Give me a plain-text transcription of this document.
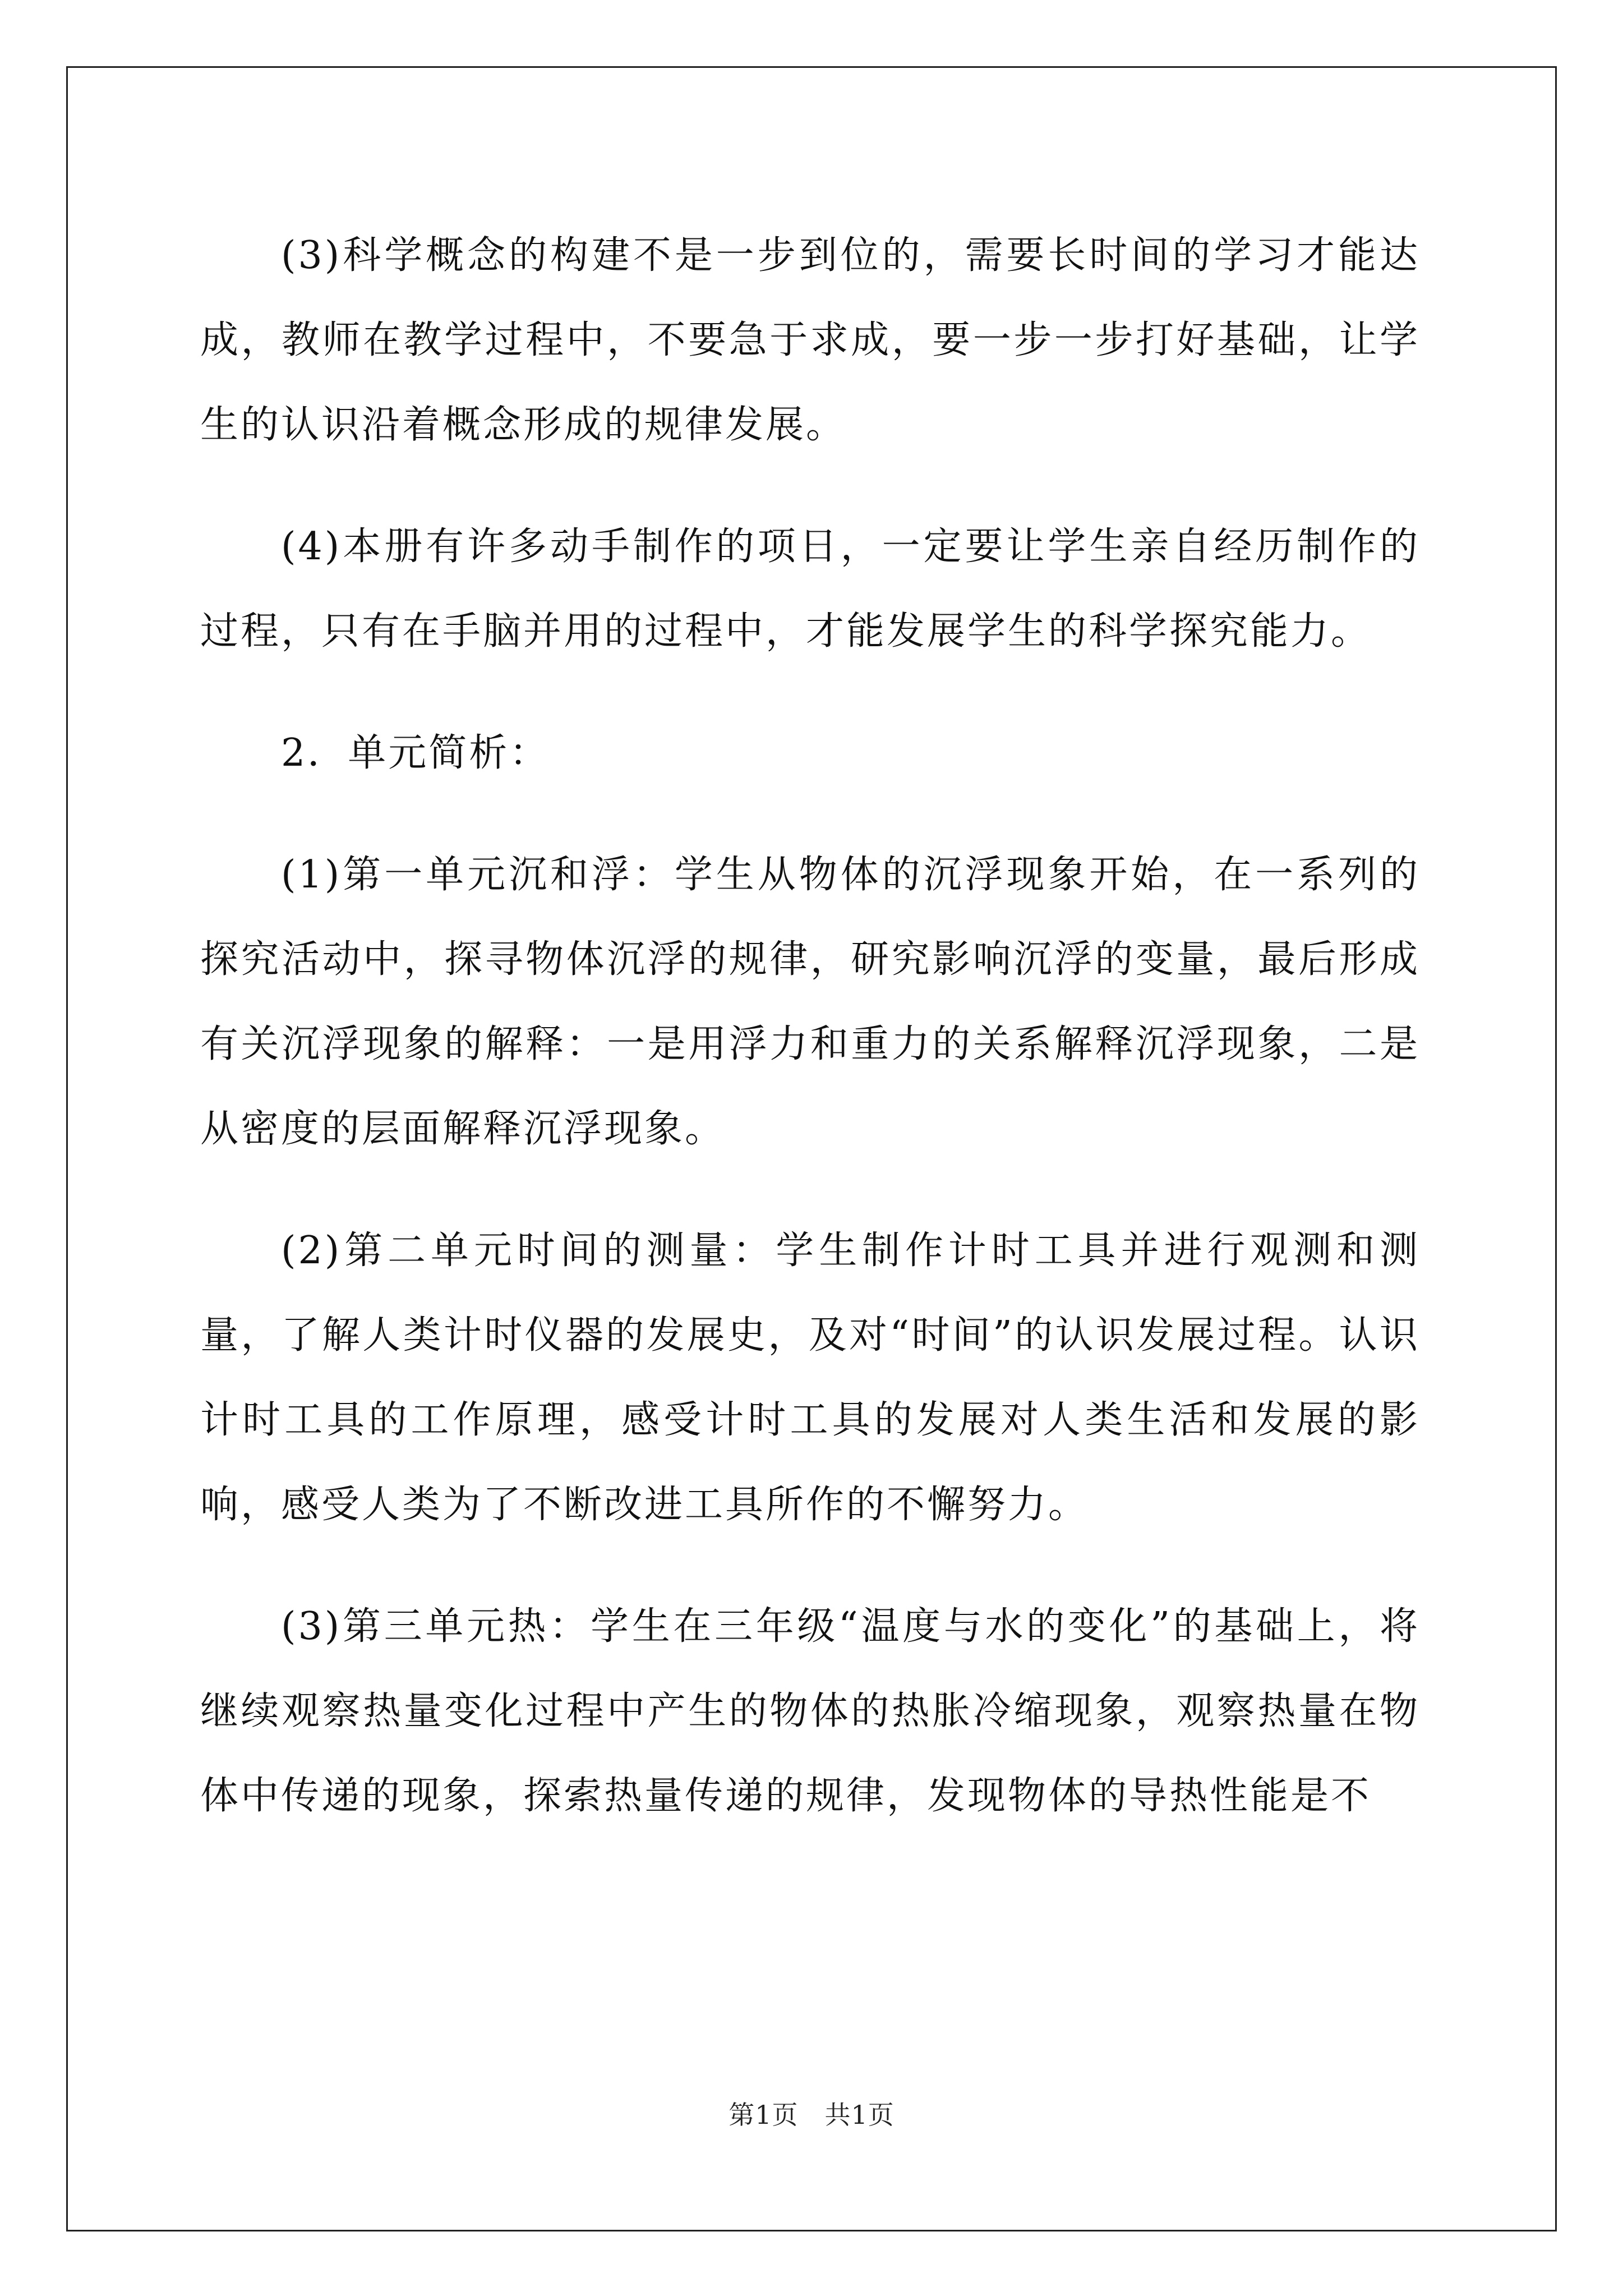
(3)科学概念的构建不是一步到位的，需要长时间的学习才能达成，教师在教学过程中，不要急于求成，要一步一步打好基础，让学生的认识沿着概念形成的规律发展。

(4)本册有许多动手制作的项日，一定要让学生亲自经历制作的过程，只有在手脑并用的过程中，才能发展学生的科学探究能力。

2．单元简析：

(1)第一单元沉和浮：学生从物体的沉浮现象开始，在一系列的探究活动中，探寻物体沉浮的规律，研究影响沉浮的变量，最后形成有关沉浮现象的解释：一是用浮力和重力的关系解释沉浮现象，二是从密度的层面解释沉浮现象。

(2)第二单元时间的测量：学生制作计时工具并进行观测和测量，了解人类计时仪器的发展史，及对“时间”的认识发展过程。认识计时工具的工作原理，感受计时工具的发展对人类生活和发展的影响，感受人类为了不断改进工具所作的不懈努力。

(3)第三单元热：学生在三年级“温度与水的变化”的基础上，将继续观察热量变化过程中产生的物体的热胀冷缩现象，观察热量在物体中传递的现象，探索热量传递的规律，发现物体的导热性能是不

第1页　共1页
